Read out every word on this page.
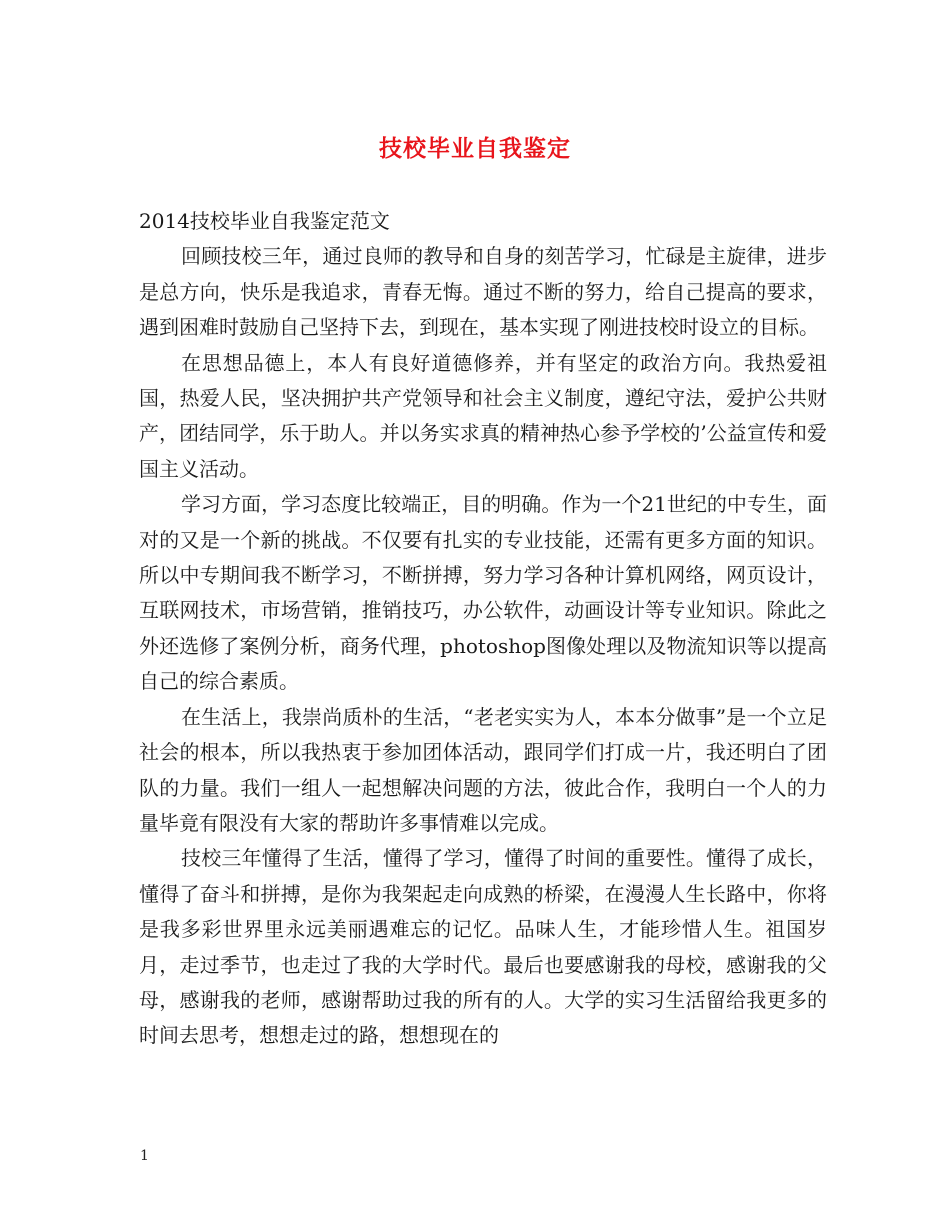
技校毕业自我鉴定

2014技校毕业自我鉴定范文

回顾技校三年，通过良师的教导和自身的刻苦学习，忙碌是主旋律，进步是总方向，快乐是我追求，青春无悔。通过不断的努力，给自己提高的要求，遇到困难时鼓励自己坚持下去，到现在，基本实现了刚进技校时设立的目标。

在思想品德上，本人有良好道德修养，并有坚定的政治方向。我热爱祖国，热爱人民，坚决拥护共产党领导和社会主义制度，遵纪守法，爱护公共财产，团结同学，乐于助人。并以务实求真的精神热心参予学校的’公益宣传和爱国主义活动。

学习方面，学习态度比较端正，目的明确。作为一个21世纪的中专生，面对的又是一个新的挑战。不仅要有扎实的专业技能，还需有更多方面的知识。所以中专期间我不断学习，不断拼搏，努力学习各种计算机网络，网页设计，互联网技术，市场营销，推销技巧，办公软件，动画设计等专业知识。除此之外还选修了案例分析，商务代理，photoshop图像处理以及物流知识等以提高自己的综合素质。

在生活上，我崇尚质朴的生活，“老老实实为人，本本分做事”是一个立足社会的根本，所以我热衷于参加团体活动，跟同学们打成一片，我还明白了团队的力量。我们一组人一起想解决问题的方法，彼此合作，我明白一个人的力量毕竟有限没有大家的帮助许多事情难以完成。

技校三年懂得了生活，懂得了学习，懂得了时间的重要性。懂得了成长，懂得了奋斗和拼搏，是你为我架起走向成熟的桥梁，在漫漫人生长路中，你将是我多彩世界里永远美丽遇难忘的记忆。品味人生，才能珍惜人生。祖国岁月，走过季节，也走过了我的大学时代。最后也要感谢我的母校，感谢我的父母，感谢我的老师，感谢帮助过我的所有的人。大学的实习生活留给我更多的时间去思考，想想走过的路，想想现在的

1
